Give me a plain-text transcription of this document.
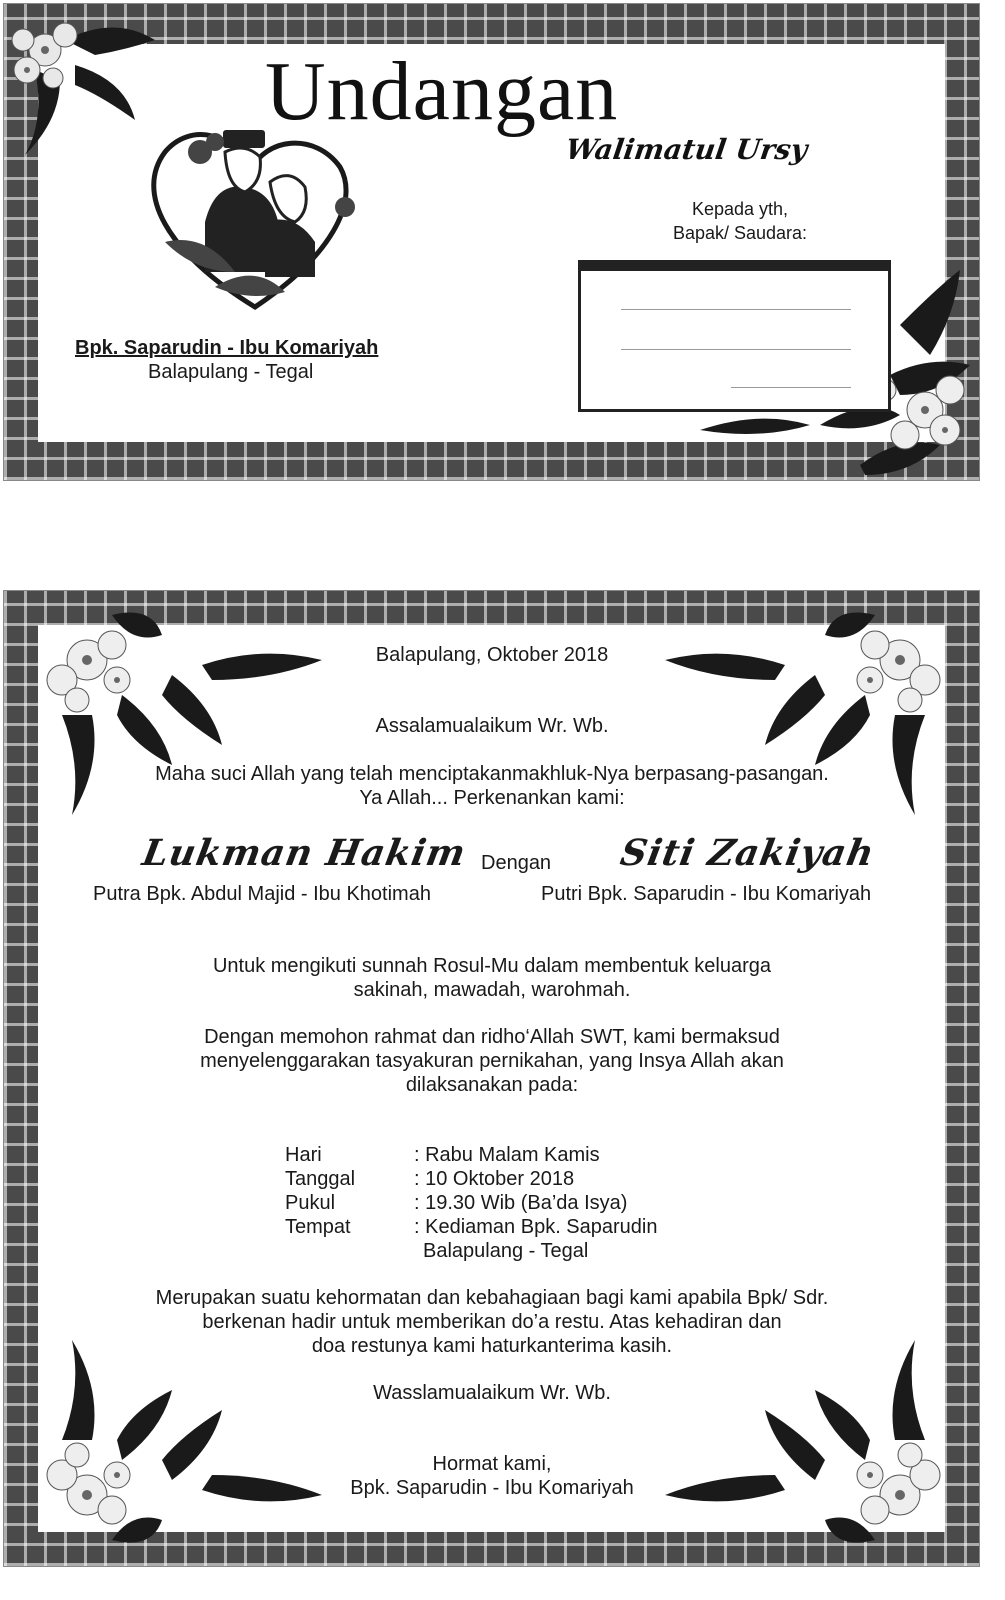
Undangan
Walimatul Ursy
Kepada yth,
Bapak/ Saudara:
Bpk. Saparudin - Ibu Komariyah
Balapulang - Tegal
Balapulang, Oktober 2018
Assalamualaikum Wr. Wb.
Maha suci Allah yang telah menciptakanmakhluk-Nya berpasang-pasangan.
Ya Allah... Perkenankan kami:
Lukman Hakim Dengan Siti Zakiyah
Putra Bpk. Abdul Majid - Ibu Khotimah	Putri Bpk. Saparudin - Ibu Komariyah
Untuk mengikuti sunnah Rosul-Mu dalam membentuk keluarga
sakinah, mawadah, warohmah.
Dengan memohon rahmat dan ridho‘Allah SWT, kami bermaksud
menyelenggarakan tasyakuran pernikahan, yang Insya Allah akan
dilaksanakan pada:
Hari	: Rabu Malam Kamis
Tanggal	: 10 Oktober 2018
Pukul	: 19.30 Wib (Ba’da Isya)
Tempat	: Kediaman Bpk. Saparudin
Balapulang - Tegal
Merupakan suatu kehormatan dan kebahagiaan bagi kami apabila Bpk/ Sdr.
berkenan hadir untuk memberikan do’a restu. Atas kehadiran dan
doa restunya kami haturkanterima kasih.
Wasslamualaikum Wr. Wb.
Hormat kami,
Bpk. Saparudin - Ibu Komariyah
